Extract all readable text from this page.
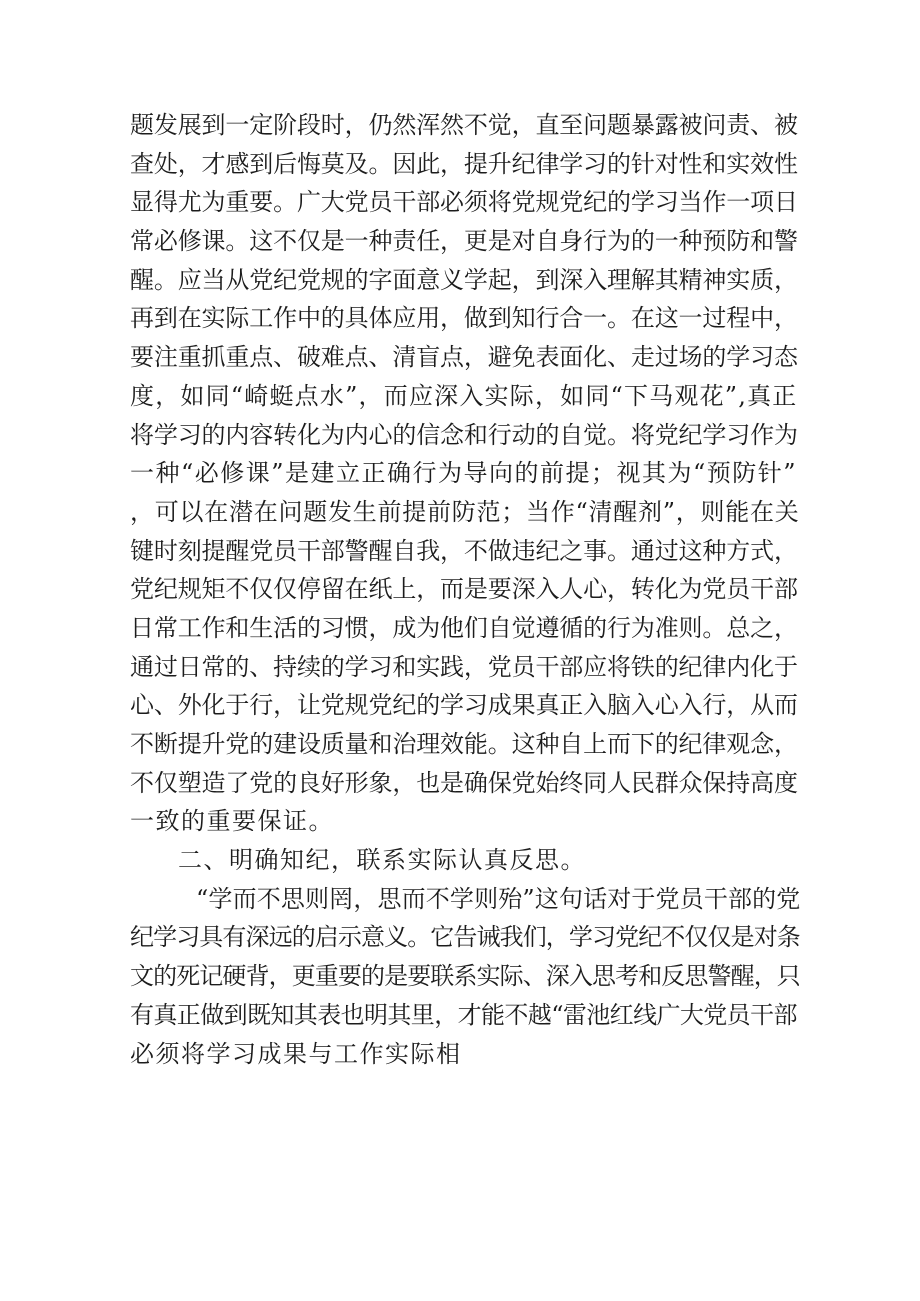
题发展到一定阶段时，仍然浑然不觉，直至问题暴露被问责、被
查处，才感到后悔莫及。因此，提升纪律学习的针对性和实效性
显得尤为重要。广大党员干部必须将党规党纪的学习当作一项日
常必修课。这不仅是一种责任，更是对自身行为的一种预防和警
醒。应当从党纪党规的字面意义学起，到深入理解其精神实质，
再到在实际工作中的具体应用，做到知行合一。在这一过程中，
要注重抓重点、破难点、清盲点，避免表面化、走过场的学习态
度，如同“崎蜓点水”，而应深入实际，如同“下马观花”,真正
将学习的内容转化为内心的信念和行动的自觉。将党纪学习作为
一种“必修课”是建立正确行为导向的前提；视其为“预防针”
，可以在潜在问题发生前提前防范；当作“清醒剂”，则能在关
键时刻提醒党员干部警醒自我，不做违纪之事。通过这种方式，
党纪规矩不仅仅停留在纸上，而是要深入人心，转化为党员干部
日常工作和生活的习惯，成为他们自觉遵循的行为准则。总之，
通过日常的、持续的学习和实践，党员干部应将铁的纪律内化于
心、外化于行，让党规党纪的学习成果真正入脑入心入行，从而
不断提升党的建设质量和治理效能。这种自上而下的纪律观念，
不仅塑造了党的良好形象，也是确保党始终同人民群众保持高度
一致的重要保证。
二、明确知纪，联系实际认真反思。
“学而不思则罔，思而不学则殆”这句话对于党员干部的党
纪学习具有深远的启示意义。它告诫我们，学习党纪不仅仅是对条
文的死记硬背，更重要的是要联系实际、深入思考和反思警醒，只
有真正做到既知其表也明其里，才能不越“雷池红线广大党员干部
必须将学习成果与工作实际相
